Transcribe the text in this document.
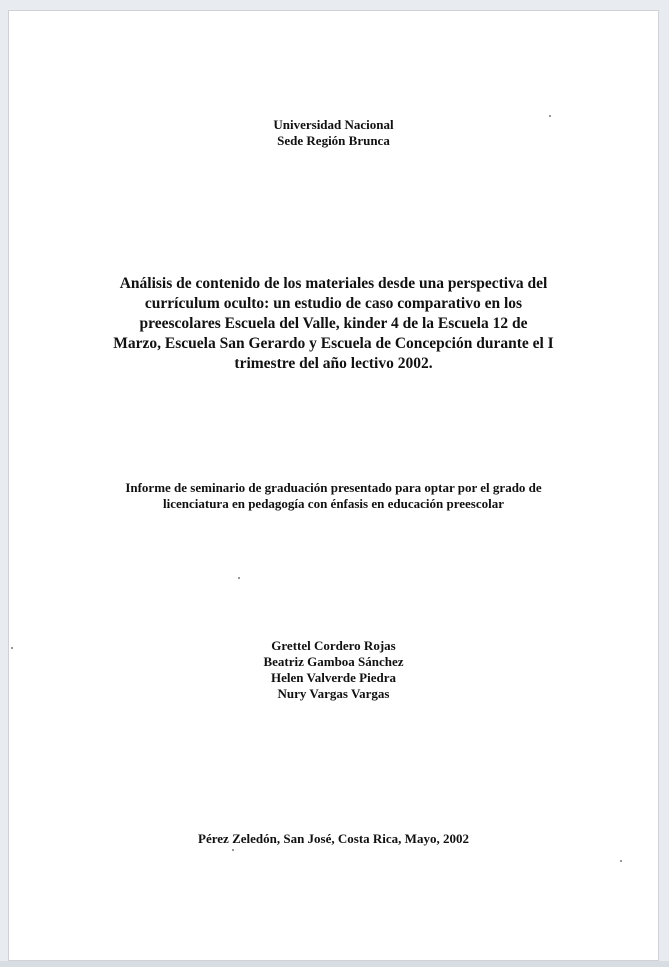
Universidad Nacional
Sede Región Brunca
Análisis de contenido de los materiales desde una perspectiva del
currículum oculto: un estudio de caso comparativo en los
preescolares Escuela del Valle, kinder 4 de la Escuela 12 de
Marzo, Escuela San Gerardo y Escuela de Concepción durante el I
trimestre del año lectivo 2002.
Informe de seminario de graduación presentado para optar por el grado de
licenciatura en pedagogía con énfasis en educación preescolar
Grettel Cordero Rojas
Beatriz Gamboa Sánchez
Helen Valverde Piedra
Nury Vargas Vargas
Pérez Zeledón, San José, Costa Rica, Mayo, 2002
